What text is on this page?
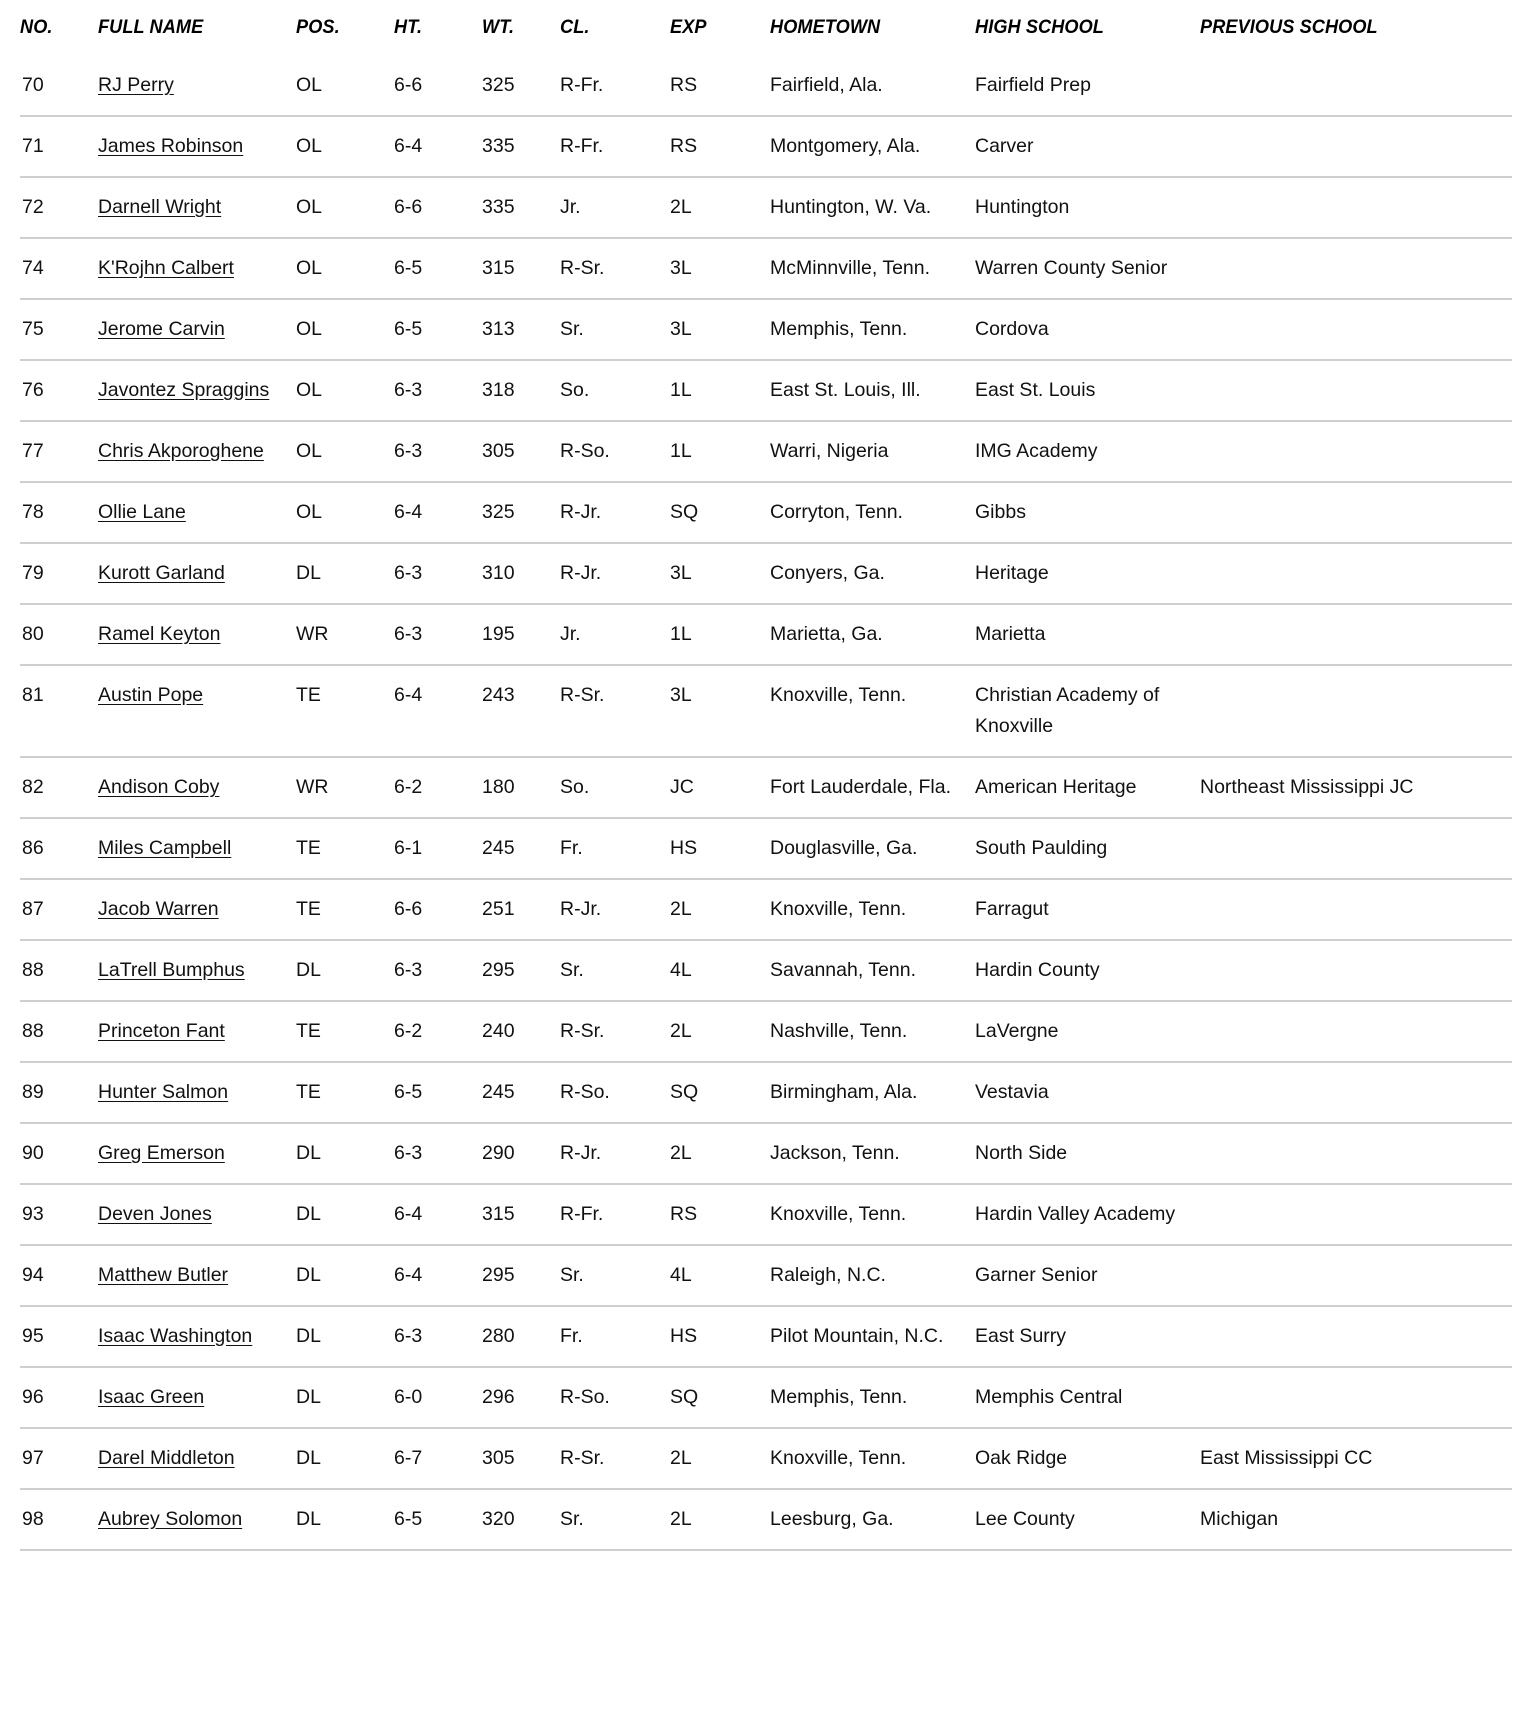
NO.	FULL NAME	POS.	HT.	WT.	CL.	EXP	HOMETOWN	HIGH SCHOOL	PREVIOUS SCHOOL
70	RJ Perry	OL	6-6	325	R-Fr.	RS	Fairfield, Ala.	Fairfield Prep	
71	James Robinson	OL	6-4	335	R-Fr.	RS	Montgomery, Ala.	Carver	
72	Darnell Wright	OL	6-6	335	Jr.	2L	Huntington, W. Va.	Huntington	
74	K'Rojhn Calbert	OL	6-5	315	R-Sr.	3L	McMinnville, Tenn.	Warren County Senior	
75	Jerome Carvin	OL	6-5	313	Sr.	3L	Memphis, Tenn.	Cordova	
76	Javontez Spraggins	OL	6-3	318	So.	1L	East St. Louis, Ill.	East St. Louis	
77	Chris Akporoghene	OL	6-3	305	R-So.	1L	Warri, Nigeria	IMG Academy	
78	Ollie Lane	OL	6-4	325	R-Jr.	SQ	Corryton, Tenn.	Gibbs	
79	Kurott Garland	DL	6-3	310	R-Jr.	3L	Conyers, Ga.	Heritage	
80	Ramel Keyton	WR	6-3	195	Jr.	1L	Marietta, Ga.	Marietta	
81	Austin Pope	TE	6-4	243	R-Sr.	3L	Knoxville, Tenn.	Christian Academy of Knoxville	
82	Andison Coby	WR	6-2	180	So.	JC	Fort Lauderdale, Fla.	American Heritage	Northeast Mississippi JC
86	Miles Campbell	TE	6-1	245	Fr.	HS	Douglasville, Ga.	South Paulding	
87	Jacob Warren	TE	6-6	251	R-Jr.	2L	Knoxville, Tenn.	Farragut	
88	LaTrell Bumphus	DL	6-3	295	Sr.	4L	Savannah, Tenn.	Hardin County	
88	Princeton Fant	TE	6-2	240	R-Sr.	2L	Nashville, Tenn.	LaVergne	
89	Hunter Salmon	TE	6-5	245	R-So.	SQ	Birmingham, Ala.	Vestavia	
90	Greg Emerson	DL	6-3	290	R-Jr.	2L	Jackson, Tenn.	North Side	
93	Deven Jones	DL	6-4	315	R-Fr.	RS	Knoxville, Tenn.	Hardin Valley Academy	
94	Matthew Butler	DL	6-4	295	Sr.	4L	Raleigh, N.C.	Garner Senior	
95	Isaac Washington	DL	6-3	280	Fr.	HS	Pilot Mountain, N.C.	East Surry	
96	Isaac Green	DL	6-0	296	R-So.	SQ	Memphis, Tenn.	Memphis Central	
97	Darel Middleton	DL	6-7	305	R-Sr.	2L	Knoxville, Tenn.	Oak Ridge	East Mississippi CC
98	Aubrey Solomon	DL	6-5	320	Sr.	2L	Leesburg, Ga.	Lee County	Michigan
